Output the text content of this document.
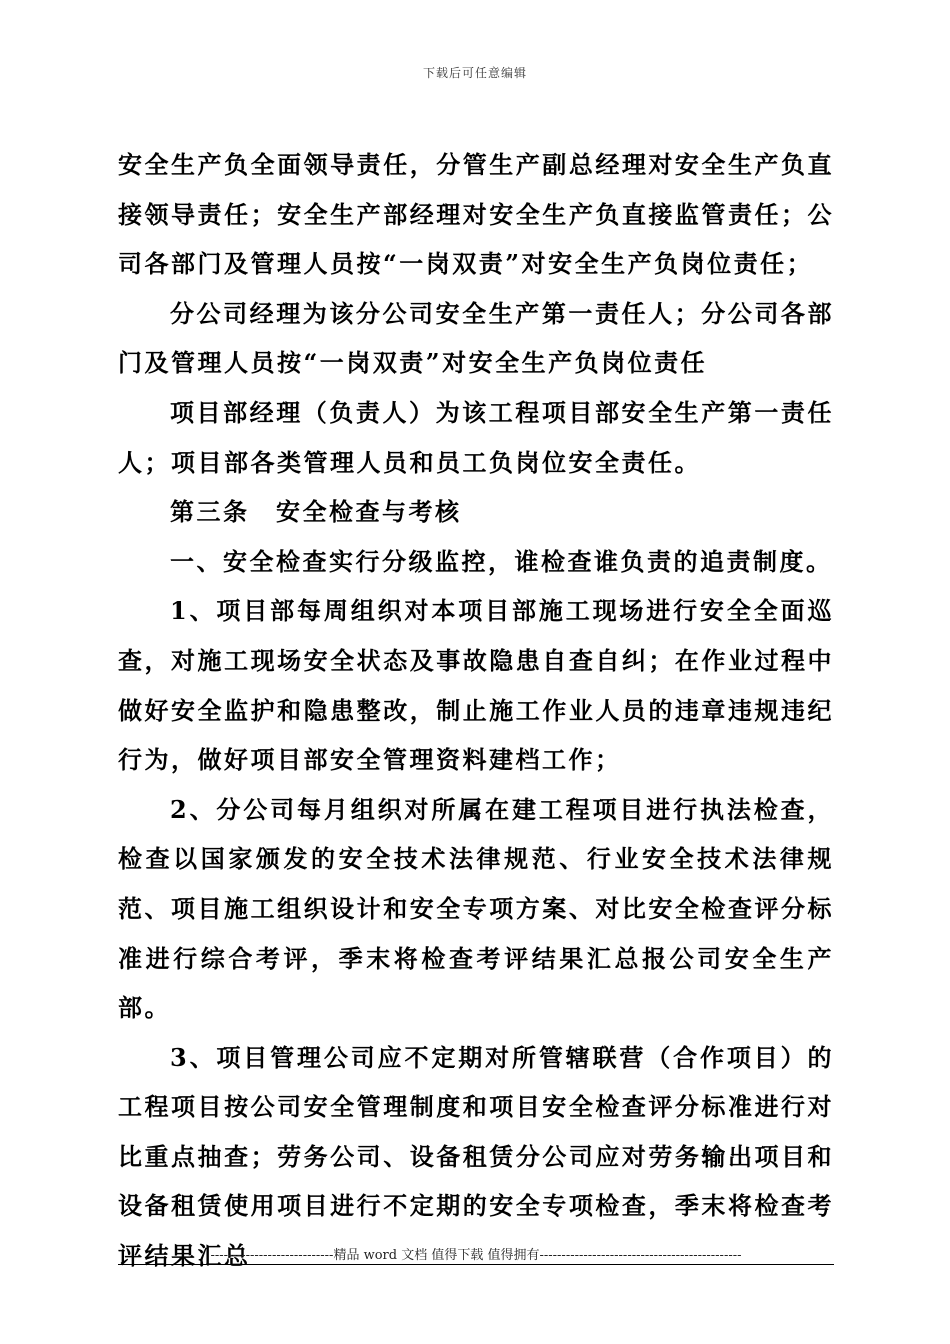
下载后可任意编辑

安全生产负全面领导责任，分管生产副总经理对安全生产负直接领导责任；安全生产部经理对安全生产负直接监管责任；公司各部门及管理人员按“一岗双责”对安全生产负岗位责任；

分公司经理为该分公司安全生产第一责任人；分公司各部门及管理人员按“一岗双责”对安全生产负岗位责任

项目部经理（负责人）为该工程项目部安全生产第一责任人；项目部各类管理人员和员工负岗位安全责任。

第三条　安全检查与考核

一、安全检查实行分级监控，谁检查谁负责的追责制度。

1、项目部每周组织对本项目部施工现场进行安全全面巡查，对施工现场安全状态及事故隐患自查自纠；在作业过程中做好安全监护和隐患整改，制止施工作业人员的违章违规违纪行为，做好项目部安全管理资料建档工作；

2、分公司每月组织对所属在建工程项目进行执法检查，检查以国家颁发的安全技术法律规范、行业安全技术法律规范、项目施工组织设计和安全专项方案、对比安全检查评分标准进行综合考评，季末将检查考评结果汇总报公司安全生产部。

3、项目管理公司应不定期对所管辖联营（合作项目）的工程项目按公司安全管理制度和项目安全检查评分标准进行对比重点抽查；劳务公司、设备租赁分公司应对劳务输出项目和设备租赁使用项目进行不定期的安全专项检查，季末将检查考评结果汇总

----------------------------精品 word 文档 值得下载 值得拥有----------------------------------------------
